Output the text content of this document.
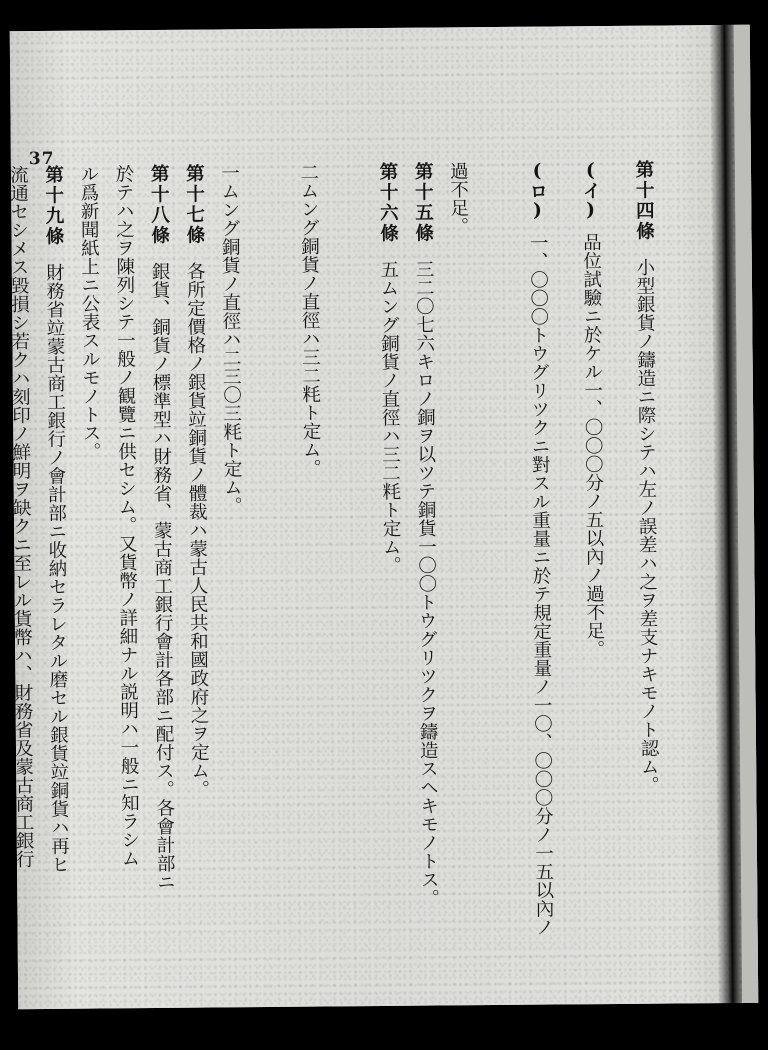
37
第十四條小型銀貨ノ鑄造ニ際シテハ左ノ誤差ハ之ヲ差支ナキモノト認ム。
(イ)品位試驗ニ於ケル一、〇〇〇分ノ五以內ノ過不足。
(ロ)一、〇〇〇トウグリツクニ對スル重量ニ於テ規定重量ノ一〇、〇〇〇分ノ一五以內ノ
過不足。
第十五條三二〇七六キロノ銅ヲ以ツテ銅貨一〇〇トウグリツクヲ鑄造スヘキモノトス。
第十六條五ムング銅貨ノ直徑ハ三二粍ト定ム。
二ムング銅貨ノ直徑ハ三二粍ト定ム。
一ムング銅貨ノ直徑ハ二三〇三粍ト定ム。
第十七條各所定價格ノ銀貨竝銅貨ノ體裁ハ蒙古人民共和國政府之ヲ定ム。
第十八條銀貨、銅貨ノ標準型ハ財務省、蒙古商工銀行會計各部ニ配付ス。各會計部ニ
於テハ之ヲ陳列シテ一般ノ観覽ニ供セシム。又貨幣ノ詳細ナル説明ハ一般ニ知ラシム
ル爲新聞紙上ニ公表スルモノトス。
第十九條財務省竝蒙古商工銀行ノ會計部ニ收納セラレタル磨セル銀貨竝銅貨ハ再ヒ
流通セシメス毀損シ若クハ刻印ノ鮮明ヲ缺クニ至レル貨幣ハ、財務省及蒙古商工銀行
